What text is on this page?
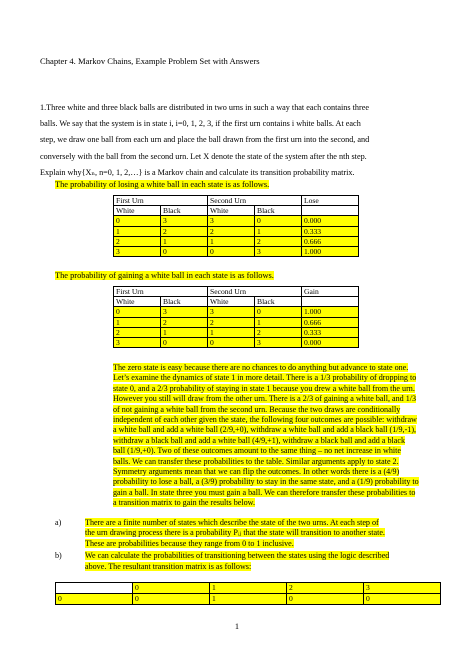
Chapter 4. Markov Chains, Example Problem Set with Answers

1.Three white and three black balls are distributed in two urns in such a way that each contains three

balls. We say that the system is in state i, i=0, 1, 2, 3, if the first urn contains i white balls. At each

step, we draw one ball from each urn and place the ball drawn from the first urn into the second, and

conversely with the ball from the second urn. Let X denote the state of the system after the nth step.

Explain why{Xₙ, n=0, 1, 2,…} is a Markov chain and calculate its transition probability matrix.

The probability of losing a white ball in each state is as follows.
First Urn		Second Urn		Lose
White	Black	White	Black	
0	3	3	0	0.000
1	2	2	1	0.333
2	1	1	2	0.666
3	0	0	3	1.000
The probability of gaining a white ball in each state is as follows.
First Urn		Second Urn		Gain
White	Black	White	Black	
0	3	3	0	1.000
1	2	2	1	0.666
2	1	1	2	0.333
3	0	0	3	0.000
The zero state is easy because there are no chances to do anything but advance to state one.
Let’s examine the dynamics of state 1 in more detail. There is a 1/3 probability of dropping to
state 0, and a 2/3 probability of staying in state 1 because you drew a white ball from the urn.
However you still will draw from the other urn. There is a 2/3 of gaining a white ball, and 1/3
of not gaining a white ball from the second urn. Because the two draws are conditionally
independent of each other given the state, the following four outcomes are possible: withdraw
a white ball and add a white ball (2/9,+0), withdraw a white ball and add a black ball (1/9,-1),
withdraw a black ball and add a white ball (4/9,+1), withdraw a black ball and add a black
ball (1/9,+0). Two of these outcomes amount to the same thing – no net increase in white
balls. We can transfer these probabilities to the table. Similar arguments apply to state 2.
Symmetry arguments mean that we can flip the outcomes. In other words there is a (4/9)
probability to lose a ball, a (3/9) probability to stay in the same state, and a (1/9) probability to
gain a ball. In state three you must gain a ball. We can therefore transfer these probabilities to
a transition matrix to gain the results below.
a)	There are a finite number of states which describe the state of the two urns. At each step of
the urn drawing process there is a probability Pᵢⱼ that the state will transition to another state.
These are probabilities because they range from 0 to 1 inclusive.
b)	We can calculate the probabilities of transitioning between the states using the logic described
above. The resultant transition matrix is as follows:
	0	1	2	3
0	0	1	0	0
1
